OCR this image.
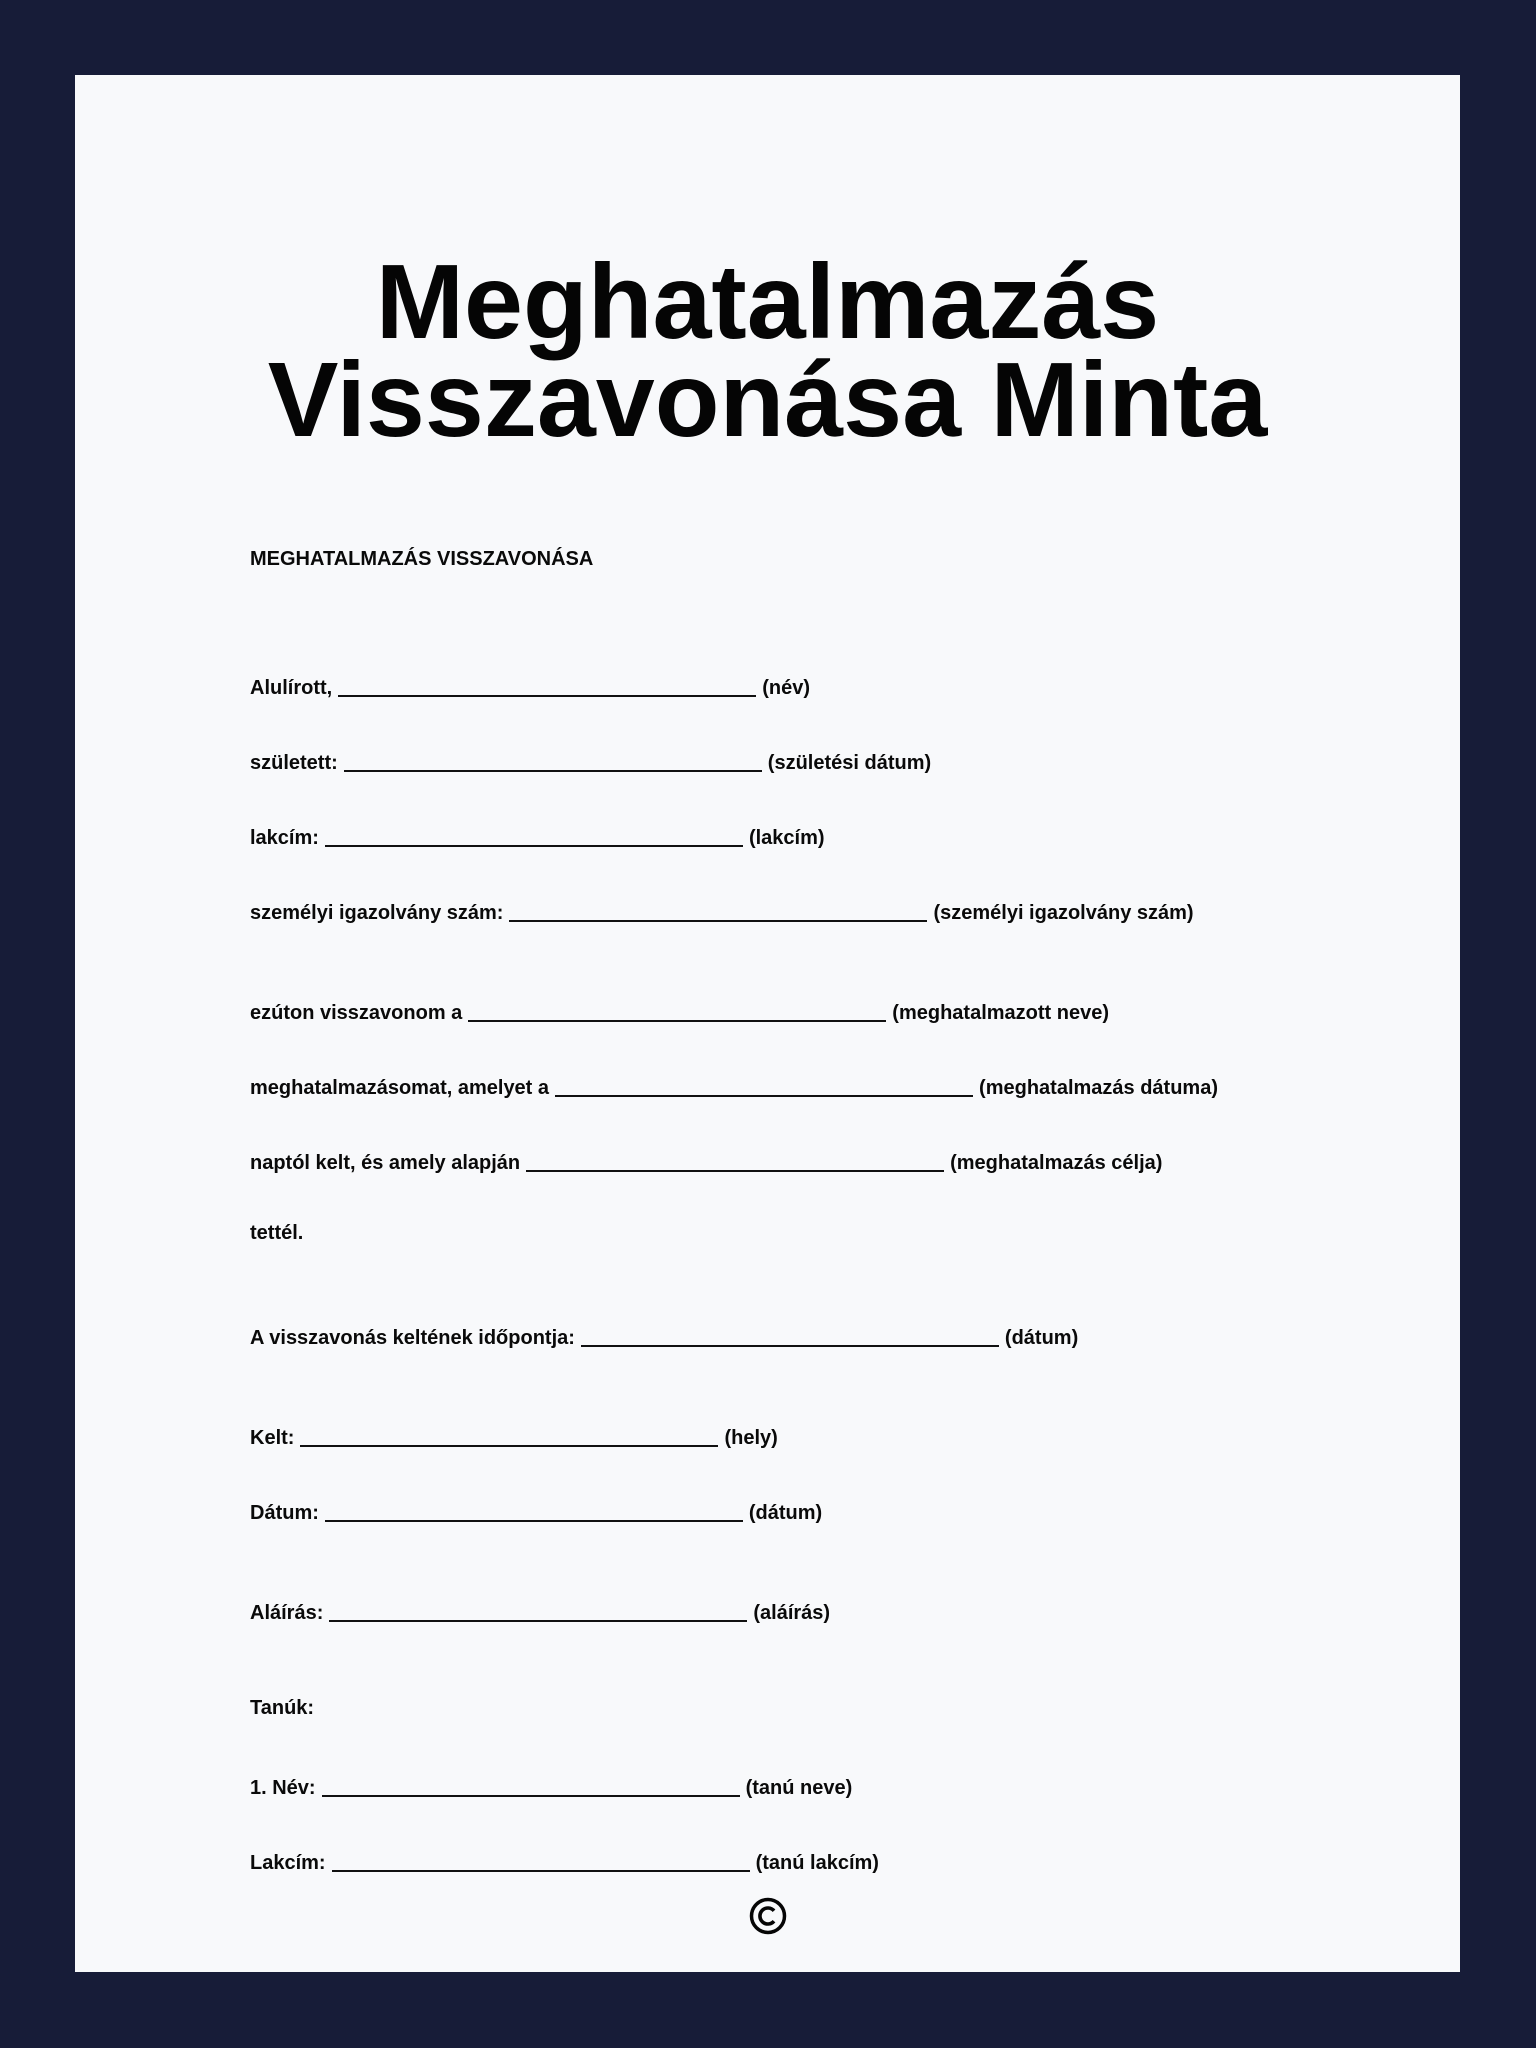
Meghatalmazás
Visszavonása Minta
MEGHATALMAZÁS VISSZAVONÁSA
Alulírott,	(név)
született:	(születési dátum)
lakcím:	(lakcím)
személyi igazolvány szám:	(személyi igazolvány szám)
ezúton visszavonom a	(meghatalmazott neve)
meghatalmazásomat, amelyet a	(meghatalmazás dátuma)
naptól kelt, és amely alapján	(meghatalmazás célja)
tettél.
A visszavonás keltének időpontja:	(dátum)
Kelt:	(hely)
Dátum:	(dátum)
Aláírás:	(aláírás)
Tanúk:
1. Név:	(tanú neve)
Lakcím:	(tanú lakcím)
